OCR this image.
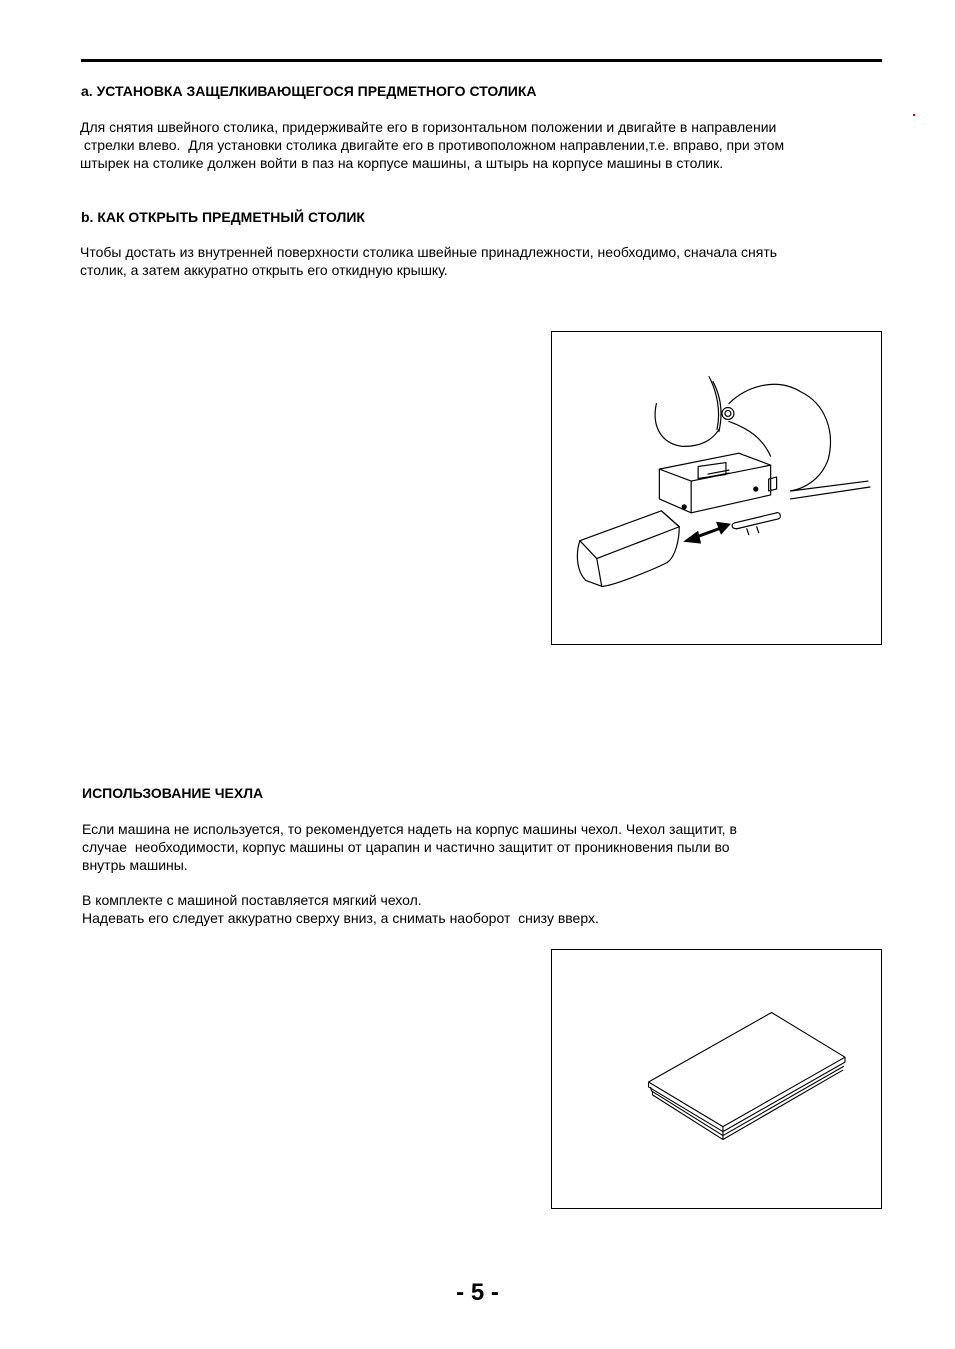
a. УСТАНОВКА ЗАЩЕЛКИВАЮЩЕГОСЯ ПРЕДМЕТНОГО СТОЛИКА
Для снятия швейного столика, придерживайте его в горизонтальном положении и двигайте в направлении
стрелки влево.  Для установки столика двигайте его в противоположном направлении,т.е. вправо, при этом
штырек на столике должен войти в паз на корпусе машины, а штырь на корпусе машины в столик.
b. КАК ОТКРЫТЬ ПРЕДМЕТНЫЙ СТОЛИК
Чтобы достать из внутренней поверхности столика швейные принадлежности, необходимо, сначала снять
столик, а затем аккуратно открыть его откидную крышку.
ИСПОЛЬЗОВАНИЕ ЧЕХЛА
Если машина не используется, то рекомендуется надеть на корпус машины чехол. Чехол защитит, в
случае  необходимости, корпус машины от царапин и частично защитит от проникновения пыли во
внутрь машины.
В комплекте с машиной поставляется мягкий чехол.
Надевать его следует аккуратно сверху вниз, а снимать наоборот  снизу вверх.
- 5 -
